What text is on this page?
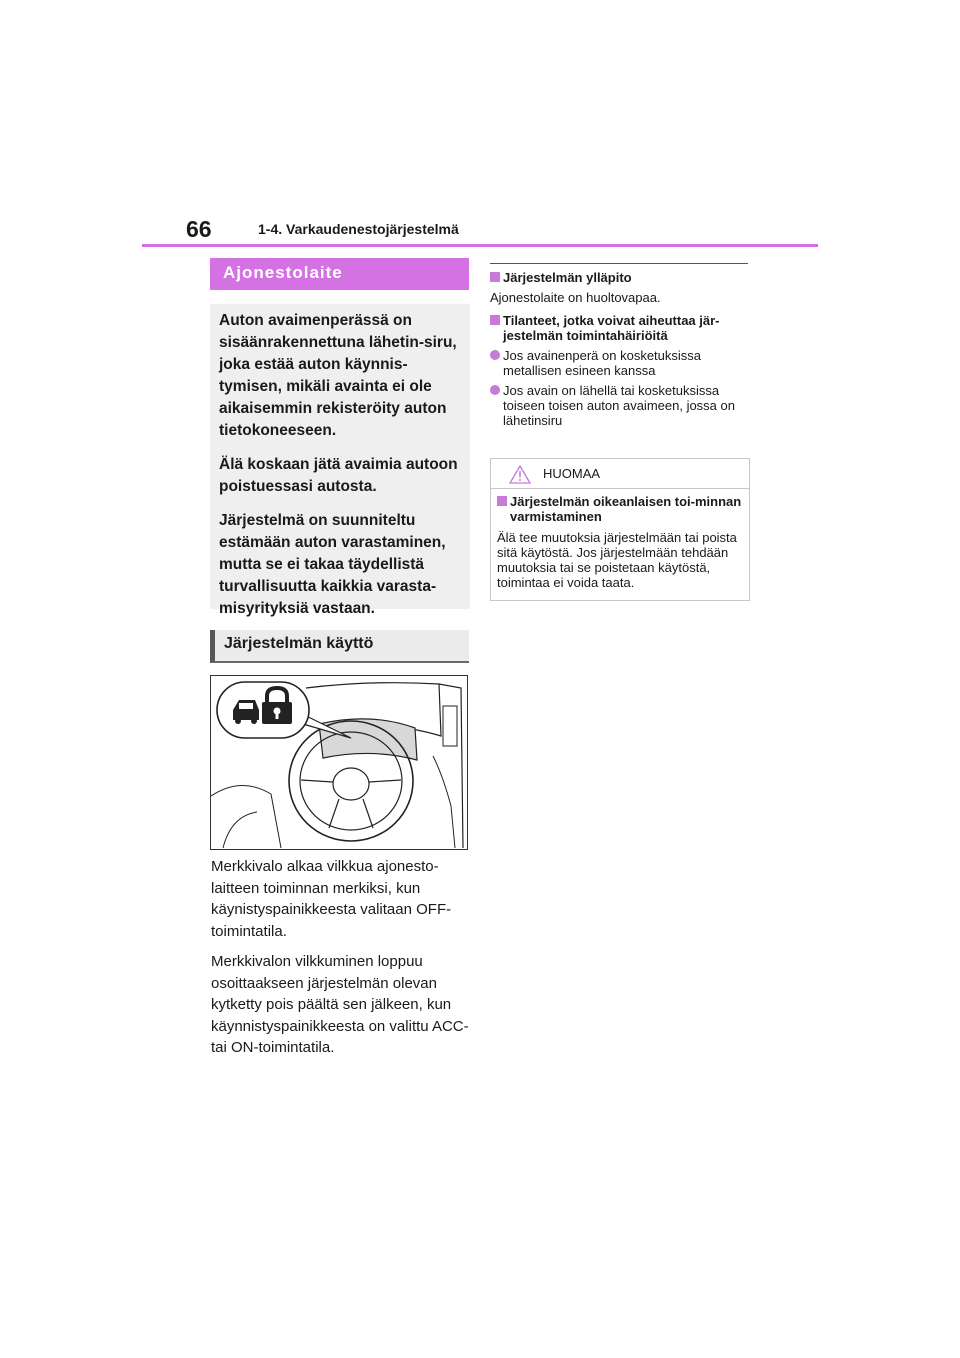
66	1-4. Varkaudenestojärjestelmä
Ajonestolaite

Auton avaimenperässä on sisäänrakennettuna lähetin-siru, joka estää auton käynnis-tymisen, mikäli avainta ei ole aikaisemmin rekisteröity auton tietokoneeseen.

Älä koskaan jätä avaimia autoon poistuessasi autosta.

Järjestelmä on suunniteltu estämään auton varastaminen, mutta se ei takaa täydellistä turvallisuutta kaikkia varasta-misyrityksiä vastaan.

Järjestelmän käyttö

Merkkivalo alkaa vilkkua ajonesto-laitteen toiminnan merkiksi, kun käynistyspainikkeesta valitaan OFF-toimintatila.

Merkkivalon vilkkuminen loppuu osoittaakseen järjestelmän olevan kytketty pois päältä sen jälkeen, kun käynnistyspainikkeesta on valittu ACC-tai ON-toimintatila.

Järjestelmän ylläpito
Ajonestolaite on huoltovapaa.
Tilanteet, jotka voivat aiheuttaa jär-jestelmän toimintahäiriöitä
Jos avainenperä on kosketuksissa metallisen esineen kanssa
Jos avain on lähellä tai kosketuksissa toiseen toisen auton avaimeen, jossa on lähetinsiru
HUOMAA
Järjestelmän oikeanlaisen toi-minnan varmistaminen
Älä tee muutoksia järjestelmään tai poista sitä käytöstä. Jos järjestelmään tehdään muutoksia tai se poistetaan käytöstä, toimintaa ei voida taata.
